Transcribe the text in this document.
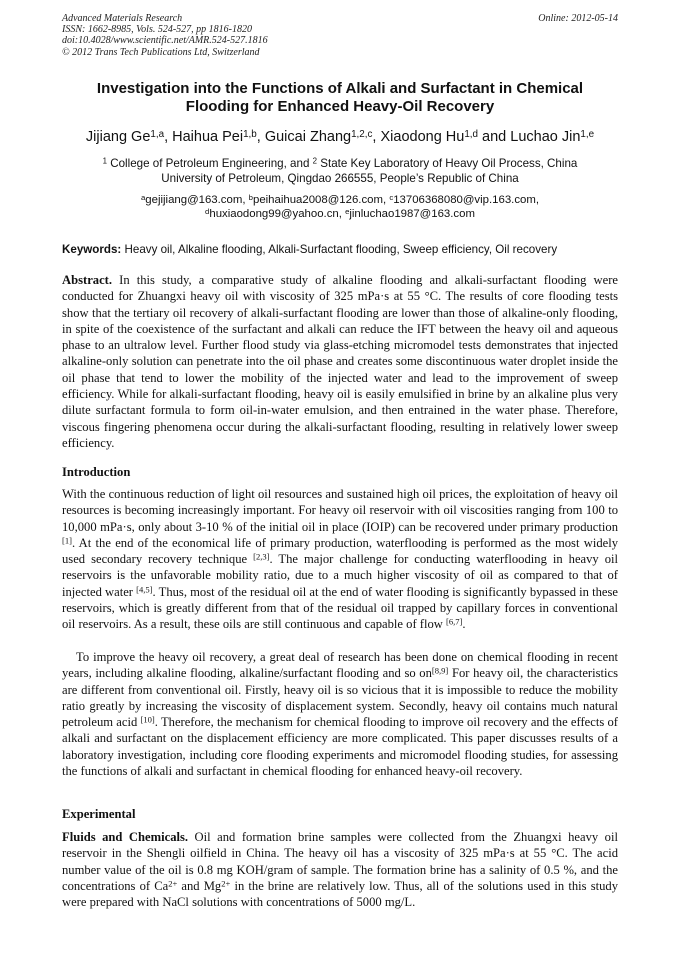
Advanced Materials Research
ISSN: 1662-8985, Vols. 524-527, pp 1816-1820
doi:10.4028/www.scientific.net/AMR.524-527.1816
© 2012 Trans Tech Publications Ltd, Switzerland
Online: 2012-05-14
Investigation into the Functions of Alkali and Surfactant in Chemical
Flooding for Enhanced Heavy-Oil Recovery
Jijiang Ge$^{1,a}$, Haihua Pei$^{1,b}$, Guicai Zhang$^{1,2,c}$, Xiaodong Hu$^{1,d}$ and Luchao Jin$^{1,e}$
$^1$ College of Petroleum Engineering, and $^2$ State Key Laboratory of Heavy Oil Process, China
University of Petroleum, Qingdao 266555, People’s Republic of China
$^a$gejijiang@163.com, $^b$peihaihua2008@126.com, $^c$13706368080@vip.163.com,
$^d$huxiaodong99@yahoo.cn, $^e$jinluchao1987@163.com
Keywords: Heavy oil, Alkaline flooding, Alkali-Surfactant flooding, Sweep efficiency, Oil recovery

Abstract. In this study, a comparative study of alkaline flooding and alkali-surfactant flooding were conducted for Zhuangxi heavy oil with viscosity of 325 mPa·s at 55 °C. The results of core flooding tests show that the tertiary oil recovery of alkali-surfactant flooding are lower than those of alkaline-only flooding, in spite of the coexistence of the surfactant and alkali can reduce the IFT between the heavy oil and aqueous phase to an ultralow level. Further flood study via glass-etching micromodel tests demonstrates that injected alkaline-only solution can penetrate into the oil phase and creates some discontinuous water droplet inside the oil phase that tend to lower the mobility of the injected water and lead to the improvement of sweep efficiency. While for alkali-surfactant flooding, heavy oil is easily emulsified in brine by an alkaline plus very dilute surfactant formula to form oil-in-water emulsion, and then entrained in the water phase. Therefore, viscous fingering phenomena occur during the alkali-surfactant flooding, resulting in relatively lower sweep efficiency.

Introduction

With the continuous reduction of light oil resources and sustained high oil prices, the exploitation of heavy oil resources is becoming increasingly important. For heavy oil reservoir with oil viscosities ranging from 100 to 10,000 mPa·s, only about 3-10 % of the initial oil in place (IOIP) can be recovered under primary production [1]. At the end of the economical life of primary production, waterflooding is performed as the most widely used secondary recovery technique [2,3]. The major challenge for conducting waterflooding in heavy oil reservoirs is the unfavorable mobility ratio, due to a much higher viscosity of oil as compared to that of injected water [4,5]. Thus, most of the residual oil at the end of water flooding is significantly bypassed in these reservoirs, which is greatly different from that of the residual oil trapped by capillary forces in conventional oil reservoirs. As a result, these oils are still continuous and capable of flow [6,7].

To improve the heavy oil recovery, a great deal of research has been done on chemical flooding in recent years, including alkaline flooding, alkaline/surfactant flooding and so on[8,9] For heavy oil, the characteristics are different from conventional oil. Firstly, heavy oil is so vicious that it is impossible to reduce the mobility ratio greatly by increasing the viscosity of displacement system. Secondly, heavy oil contains much natural petroleum acid [10]. Therefore, the mechanism for chemical flooding to improve oil recovery and the effects of alkali and surfactant on the displacement efficiency are more complicated. This paper discusses results of a laboratory investigation, including core flooding experiments and micromodel flooding studies, for assessing the functions of alkali and surfactant in chemical flooding for enhanced heavy-oil recovery.

Experimental

Fluids and Chemicals. Oil and formation brine samples were collected from the Zhuangxi heavy oil reservoir in the Shengli oilfield in China. The heavy oil has a viscosity of 325 mPa·s at 55 °C. The acid number value of the oil is 0.8 mg KOH/gram of sample. The formation brine has a salinity of 0.5 %, and the concentrations of $Ca^{2+}$ and $Mg^{2+}$ in the brine are relatively low. Thus, all of the solutions used in this study were prepared with NaCl solutions with concentrations of 5000 mg/L.
